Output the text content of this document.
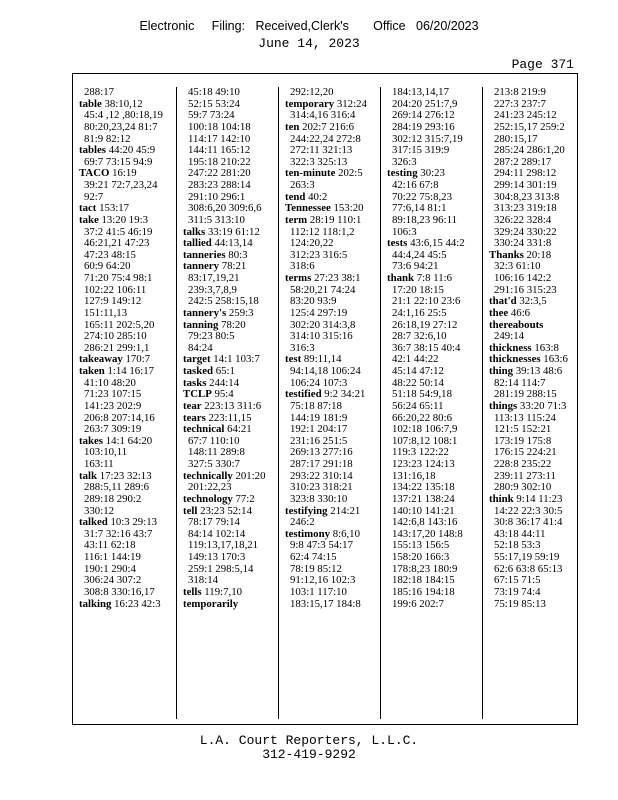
Electronic     Filing:   Received,Clerk's       Office   06/20/2023
June 14, 2023
Page 371
288:17
table 38:10,12
45:4 ,12 ,80:18,19
80:20,23,24 81:7
81:9 82:12
tables 44:20 45:9
69:7 73:15 94:9
TACO 16:19
39:21 72:7,23,24
92:7
tact 153:17
take 13:20 19:3
37:2 41:5 46:19
46:21,21 47:23
47:23 48:15
60:9 64:20
71:20 75:4 98:1
102:22 106:11
127:9 149:12
151:11,13
165:11 202:5,20
274:10 285:10
286:21 299:1,1
takeaway 170:7
taken 1:14 16:17
41:10 48:20
71:23 107:15
141:23 202:9
206:8 207:14,16
263:7 309:19
takes 14:1 64:20
103:10,11
163:11
talk 17:23 32:13
288:5,11 289:6
289:18 290:2
330:12
talked 10:3 29:13
31:7 32:16 43:7
43:11 62:18
116:1 144:19
190:1 290:4
306:24 307:2
308:8 330:16,17
talking 16:23 42:3
45:18 49:10
52:15 53:24
59:7 73:24
100:18 104:18
114:17 142:10
144:11 165:12
195:18 210:22
247:22 281:20
283:23 288:14
291:10 296:1
308:6,20 309:6,6
311:5 313:10
talks 33:19 61:12
tallied 44:13,14
tanneries 80:3
tannery 78:21
83:17,19,21
239:3,7,8,9
242:5 258:15,18
tannery's 259:3
tanning 78:20
79:23 80:5
84:24
target 14:1 103:7
tasked 65:1
tasks 244:14
TCLP 95:4
tear 223:13 311:6
tears 223:11,15
technical 64:21
67:7 110:10
148:11 289:8
327:5 330:7
technically 201:20
201:22,23
technology 77:2
tell 23:23 52:14
78:17 79:14
84:14 102:14
119:13,17,18,21
149:13 170:3
259:1 298:5,14
318:14
tells 119:7,10
temporarily
292:12,20
temporary 312:24
314:4,16 316:4
ten 202:7 216:6
244:22,24 272:8
272:11 321:13
322:3 325:13
ten-minute 202:5
263:3
tend 40:2
Tennessee 153:20
term 28:19 110:1
112:12 118:1,2
124:20,22
312:23 316:5
318:6
terms 27:23 38:1
58:20,21 74:24
83:20 93:9
125:4 297:19
302:20 314:3,8
314:10 315:16
316:3
test 89:11,14
94:14,18 106:24
106:24 107:3
testified 9:2 34:21
75:18 87:18
144:19 181:9
192:1 204:17
231:16 251:5
269:13 277:16
287:17 291:18
293:22 310:14
310:23 318:21
323:8 330:10
testifying 214:21
246:2
testimony 8:6,10
9:8 47:3 54:17
62:4 74:15
78:19 85:12
91:12,16 102:3
103:1 117:10
183:15,17 184:8
184:13,14,17
204:20 251:7,9
269:14 276:12
284:19 293:16
302:12 315:7,19
317:15 319:9
326:3
testing 30:23
42:16 67:8
70:22 75:8,23
77:6,14 81:1
89:18,23 96:11
106:3
tests 43:6,15 44:2
44:4,24 45:5
73:6 94:21
thank 7:8 11:6
17:20 18:15
21:1 22:10 23:6
24:1,16 25:5
26:18,19 27:12
28:7 32:6,10
36:7 38:15 40:4
42:1 44:22
45:14 47:12
48:22 50:14
51:18 54:9,18
56:24 65:11
66:20,22 80:6
102:18 106:7,9
107:8,12 108:1
119:3 122:22
123:23 124:13
131:16,18
134:22 135:18
137:21 138:24
140:10 141:21
142:6,8 143:16
143:17,20 148:8
155:13 156:5
158:20 166:3
178:8,23 180:9
182:18 184:15
185:16 194:18
199:6 202:7
213:8 219:9
227:3 237:7
241:23 245:12
252:15,17 259:2
280:15,17
285:24 286:1,20
287:2 289:17
294:11 298:12
299:14 301:19
304:8,23 313:8
313:23 319:18
326:22 328:4
329:24 330:22
330:24 331:8
Thanks 20:18
32:3 61:10
106:16 142:2
291:16 315:23
that'd 32:3,5
thee 46:6
thereabouts
249:14
thickness 163:8
thicknesses 163:6
thing 39:13 48:6
82:14 114:7
281:19 288:15
things 33:20 71:3
113:13 115:24
121:5 152:21
173:19 175:8
176:15 224:21
228:8 235:22
239:11 273:11
280:9 302:10
think 9:14 11:23
14:22 22:3 30:5
30:8 36:17 41:4
43:18 44:11
52:18 53:3
55:17,19 59:19
62:6 63:8 65:13
67:15 71:5
73:19 74:4
75:19 85:13
L.A. Court Reporters, L.L.C.
312-419-9292
